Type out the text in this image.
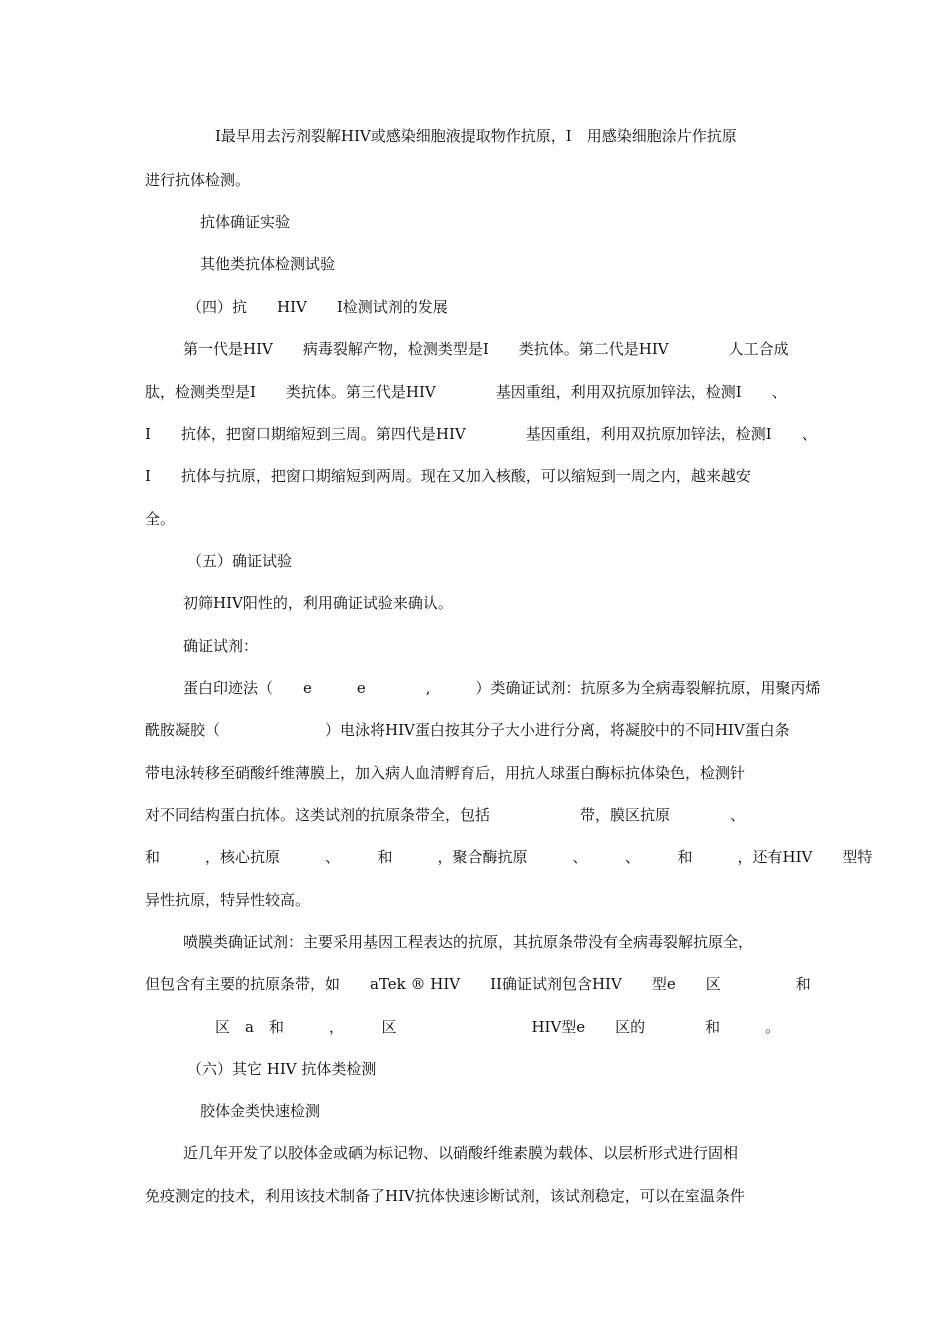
I最早用去污剂裂解HIV或感染细胞液提取物作抗原，I　用感染细胞涂片作抗原
进行抗体检测。
抗体确证实验
其他类抗体检测试验
（四）抗　　HIV　　I检测试剂的发展
第一代是HIV　　病毒裂解产物，检测类型是I　　类抗体。第二代是HIV　　　　人工合成
肽，检测类型是I　　类抗体。第三代是HIV　　　　基因重组，利用双抗原加锌法，检测I　　、
I　　抗体，把窗口期缩短到三周。第四代是HIV　　　　基因重组，利用双抗原加锌法，检测I　　、
I　　抗体与抗原，把窗口期缩短到两周。现在又加入核酸，可以缩短到一周之内，越来越安
全。
（五）确证试验
初筛HIV阳性的，利用确证试验来确认。
确证试剂：
蛋白印迹法（　　e　　　e　　　　,　　　）类确证试剂：抗原多为全病毒裂解抗原，用聚丙烯
酰胺凝胶（　　　　　　　）电泳将HIV蛋白按其分子大小进行分离，将凝胶中的不同HIV蛋白条
带电泳转移至硝酸纤维薄膜上，加入病人血清孵育后，用抗人球蛋白酶标抗体染色，检测针
对不同结构蛋白抗体。这类试剂的抗原条带全，包括　　　　　　带，膜区抗原　　　　、
和　　　，核心抗原　　　、　　　和　　　，聚合酶抗原　　　、　　　、　　　和　　　，还有HIV　　型特
异性抗原，特异性较高。
喷膜类确证试剂：主要采用基因工程表达的抗原，其抗原条带没有全病毒裂解抗原全，
但包含有主要的抗原条带，如　　aTek ® HIV　　II确证试剂包含HIV　　型e　　区　　　　　和
区　a　和　　　，　　　区　　　　　　　　　HIV型e　　区的　　　　和　　　。
（六）其它 HIV 抗体类检测
胶体金类快速检测
近几年开发了以胶体金或硒为标记物、以硝酸纤维素膜为载体、以层析形式进行固相
免疫测定的技术，利用该技术制备了HIV抗体快速诊断试剂，该试剂稳定，可以在室温条件
